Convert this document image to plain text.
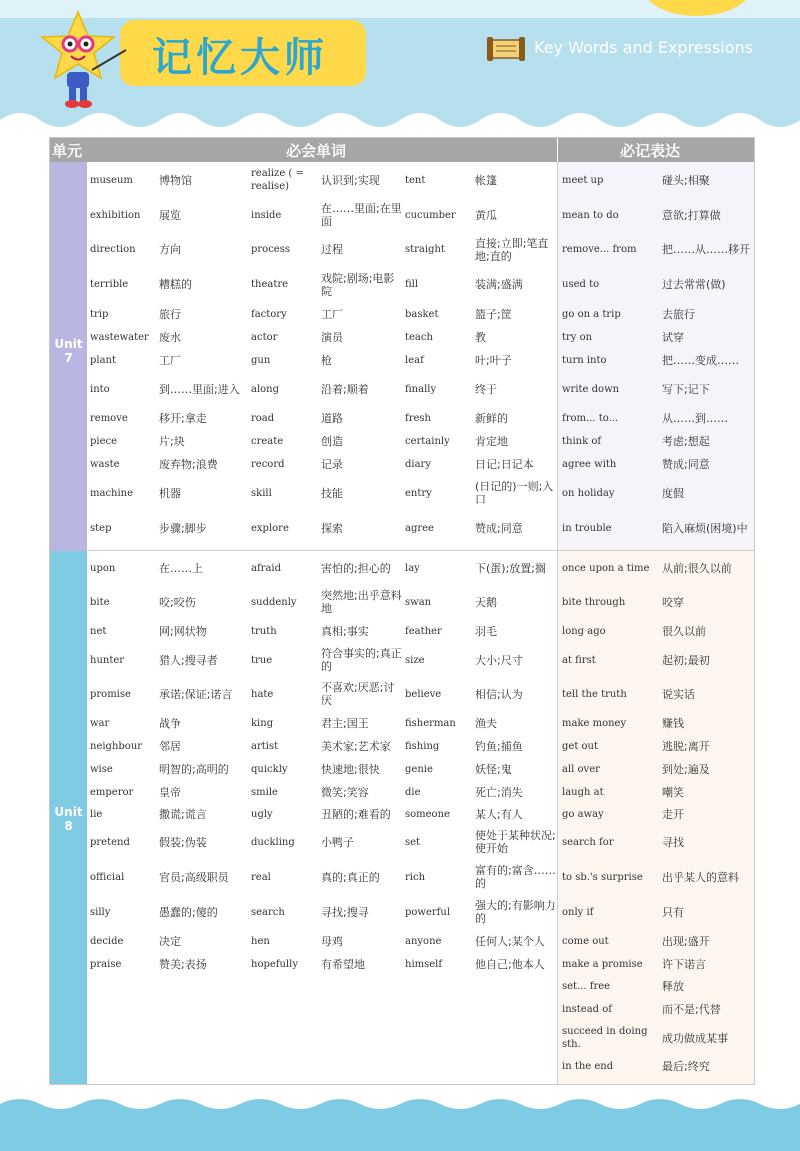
记忆大师	Key Words and Expressions
单元	必会单词	必记表达
Unit
7
Unit
8
museum	博物馆	realize ( = realise)	认识到;实现	tent	帐篷
exhibition	展览	inside	在……里面;在里面	cucumber	黄瓜
direction	方向	process	过程	straight	直接;立即;笔直地;直的
terrible	糟糕的	theatre	戏院;剧场;电影院	fill	装满;盛满
trip	旅行	factory	工厂	basket	篮子;筐
wastewater 废水	actor	演员	teach	教
plant	工厂	gun	枪	leaf	叶;叶子
into	到……里面;进入	along	沿着;顺着	finally	终于
remove	移开;拿走	road	道路	fresh	新鲜的
piece	片;块	create	创造	certainly	肯定地
waste	废弃物;浪费	record	记录	diary	日记;日记本
machine	机器	skill	技能	entry	(日记的)一则;入口
step	步骤;脚步	explore	探索	agree	赞成;同意
meet up	碰头;相聚
mean to do	意欲;打算做
remove... from	把……从……移开
used to	过去常常(做)
go on a trip	去旅行
try on	试穿
turn into	把……变成……
write down	写下;记下
from... to...	从……到……
think of	考虑;想起
agree with	赞成;同意
on holiday	度假
in trouble	陷入麻烦(困境)中
upon	在……上	afraid	害怕的;担心的	lay	下(蛋);放置;搁
bite	咬;咬伤	suddenly	突然地;出乎意料地	swan	天鹅
net	网;网状物	truth	真相;事实	feather	羽毛
hunter	猎人;搜寻者	true	符合事实的;真正的	size	大小;尺寸
promise	承诺;保证;诺言	hate	不喜欢;厌恶;讨厌	believe	相信;认为
war	战争	king	君主;国王	fisherman	渔夫
neighbour	邻居	artist	美术家;艺术家	fishing	钓鱼;捕鱼
wise	明智的;高明的	quickly	快速地;很快	genie	妖怪;鬼
emperor	皇帝	smile	微笑;笑容	die	死亡;消失
lie	撒谎;谎言	ugly	丑陋的;难看的	someone	某人;有人
pretend	假装;伪装	duckling	小鸭子	set	使处于某种状况;使开始
official	官员;高级职员	real	真的;真正的	rich	富有的;富含……的
silly	愚蠢的;傻的	search	寻找;搜寻	powerful	强大的;有影响力的
decide	决定	hen	母鸡	anyone	任何人;某个人
praise	赞美;表扬	hopefully	有希望地	himself	他自己;他本人
once upon a time	从前;很久以前
bite through	咬穿
long ago	很久以前
at first	起初;最初
tell the truth	说实话
make money	赚钱
get out	逃脱;离开
all over	到处;遍及
laugh at	嘲笑
go away	走开
search for	寻找
to sb.'s surprise	出乎某人的意料
only if	只有
come out	出现;盛开
make a promise	许下诺言
set... free	释放
instead of	而不是;代替
succeed in doing sth.	成功做成某事
in the end	最后;终究
